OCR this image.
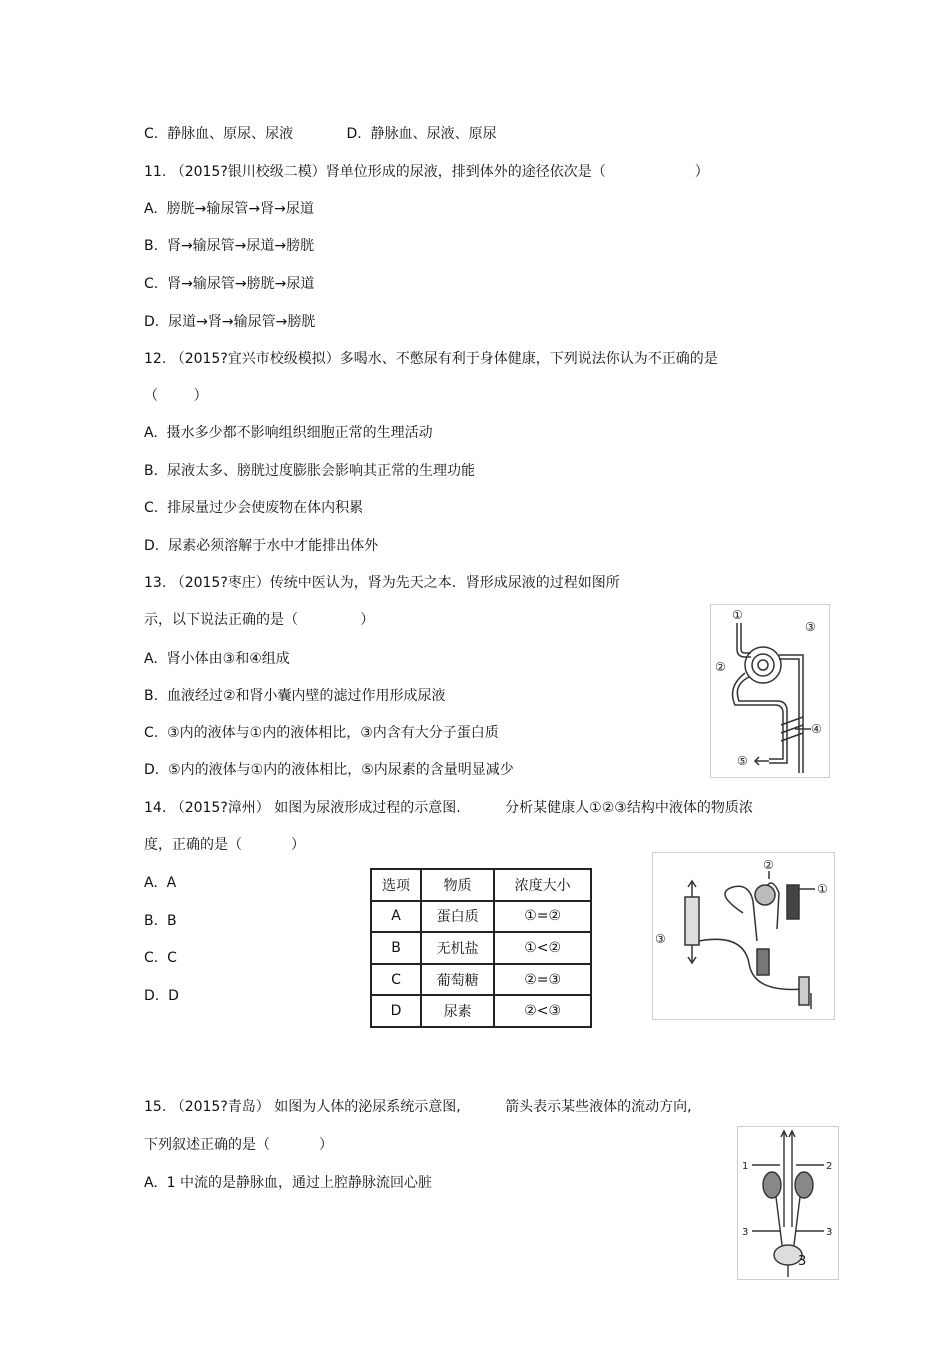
C.  静脉血、原尿、尿液            D.  静脉血、尿液、原尿
11. （2015?银川校级二模）肾单位形成的尿液，排到体外的途径依次是（                    ）
A.  膀胱→输尿管→肾→尿道
B.  肾→输尿管→尿道→膀胱
C.  肾→输尿管→膀胱→尿道
D.  尿道→肾→输尿管→膀胱
12. （2015?宜兴市校级模拟）多喝水、不憋尿有利于身体健康，下列说法你认为不正确的是
（        ）
A.  摄水多少都不影响组织细胞正常的生理活动
B.  尿液太多、膀胱过度膨胀会影响其正常的生理功能
C.  排尿量过少会使废物在体内积累
D.  尿素必须溶解于水中才能排出体外
13. （2015?枣庄）传统中医认为，肾为先天之本．肾形成尿液的过程如图所
示，以下说法正确的是（              ）
A.  肾小体由③和④组成
B.  血液经过②和肾小囊内壁的滤过作用形成尿液
C.  ③内的液体与①内的液体相比，③内含有大分子蛋白质
D.  ⑤内的液体与①内的液体相比，⑤内尿素的含量明显减少
14. （2015?漳州） 如图为尿液形成过程的示意图.          分析某健康人①②③结构中液体的物质浓
度，正确的是（           ）
A.  A
B.  B
C.  C
D.  D
15. （2015?青岛） 如图为人体的泌尿系统示意图,          箭头表示某些液体的流动方向,
下列叙述正确的是（           ）
A.  1 中流的是静脉血，通过上腔静脉流回心脏
①
②
③
④
⑤
选项	物质	浓度大小
A	蛋白质	①=②
B	无机盐	①<②
C	葡萄糖	②=③
D	尿素	②<③
①
②
③
1	2
3	3
3
